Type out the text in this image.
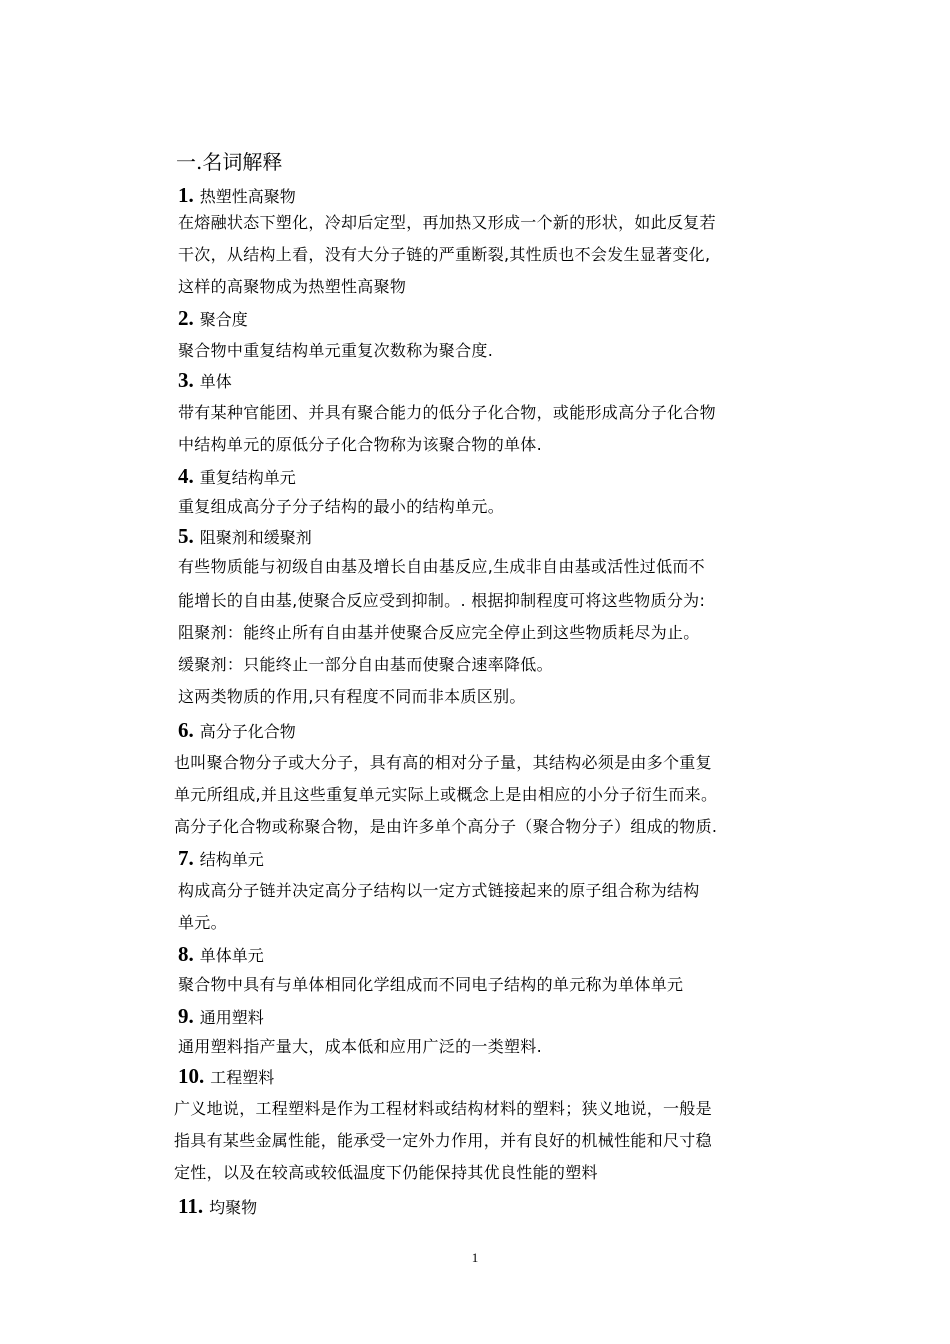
一.名词解释
1. 热塑性高聚物
在熔融状态下塑化，冷却后定型，再加热又形成一个新的形状，如此反复若
干次，从结构上看，没有大分子链的严重断裂,其性质也不会发生显著变化,
这样的高聚物成为热塑性高聚物
2. 聚合度
聚合物中重复结构单元重复次数称为聚合度.
3. 单体
带有某种官能团、并具有聚合能力的低分子化合物，或能形成高分子化合物
中结构单元的原低分子化合物称为该聚合物的单体.
4. 重复结构单元
重复组成高分子分子结构的最小的结构单元。
5. 阻聚剂和缓聚剂
有些物质能与初级自由基及增长自由基反应,生成非自由基或活性过低而不
能增长的自由基,使聚合反应受到抑制。. 根据抑制程度可将这些物质分为:
阻聚剂：能终止所有自由基并使聚合反应完全停止到这些物质耗尽为止。
缓聚剂：只能终止一部分自由基而使聚合速率降低。
这两类物质的作用,只有程度不同而非本质区别。
6. 高分子化合物
也叫聚合物分子或大分子，具有高的相对分子量，其结构必须是由多个重复
单元所组成,并且这些重复单元实际上或概念上是由相应的小分子衍生而来。
高分子化合物或称聚合物，是由许多单个高分子（聚合物分子）组成的物质.
7. 结构单元
构成高分子链并决定高分子结构以一定方式链接起来的原子组合称为结构
单元。
8. 单体单元
聚合物中具有与单体相同化学组成而不同电子结构的单元称为单体单元
9. 通用塑料
通用塑料指产量大，成本低和应用广泛的一类塑料.
10. 工程塑料
广义地说，工程塑料是作为工程材料或结构材料的塑料；狭义地说，一般是
指具有某些金属性能，能承受一定外力作用，并有良好的机械性能和尺寸稳
定性，以及在较高或较低温度下仍能保持其优良性能的塑料
11. 均聚物
1
